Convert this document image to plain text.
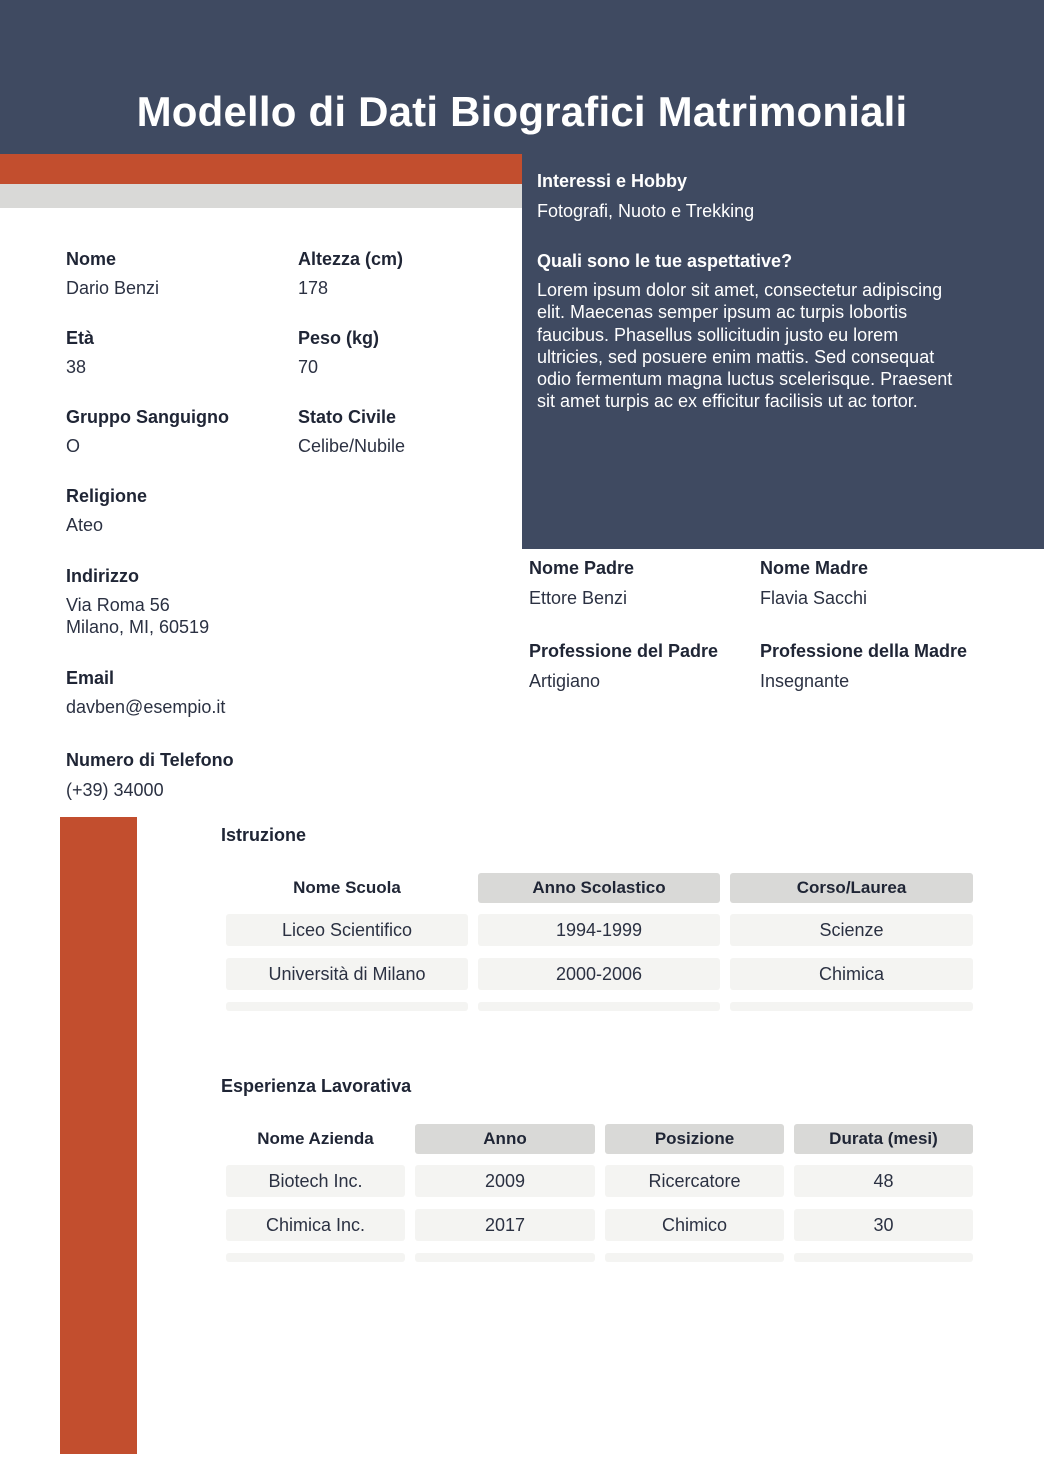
Modello di Dati Biografici Matrimoniali
Interessi e Hobby
Fotografi, Nuoto e Trekking
Quali sono le tue aspettative?
Lorem ipsum dolor sit amet, consectetur adipiscing elit. Maecenas semper ipsum ac turpis lobortis faucibus. Phasellus sollicitudin justo eu lorem ultricies, sed posuere enim mattis. Sed consequat odio fermentum magna luctus scelerisque. Praesent sit amet turpis ac ex efficitur facilisis ut ac tortor.
Nome
Dario Benzi
Altezza (cm)
178
Età
38
Peso (kg)
70
Gruppo Sanguigno
O
Stato Civile
Celibe/Nubile
Religione
Ateo
Indirizzo
Via Roma 56
Milano, MI, 60519
Email
davben@esempio.it
Numero di Telefono
(+39) 34000
Nome Padre
Ettore Benzi
Nome Madre
Flavia Sacchi
Professione del Padre
Artigiano
Professione della Madre
Insegnante
Istruzione
Nome Scuola	Anno Scolastico	Corso/Laurea
Liceo Scientifico	1994-1999	Scienze
Università di Milano	2000-2006	Chimica
Esperienza Lavorativa
Nome Azienda	Anno	Posizione	Durata (mesi)
Biotech Inc.	2009	Ricercatore	48
Chimica Inc.	2017	Chimico	30
